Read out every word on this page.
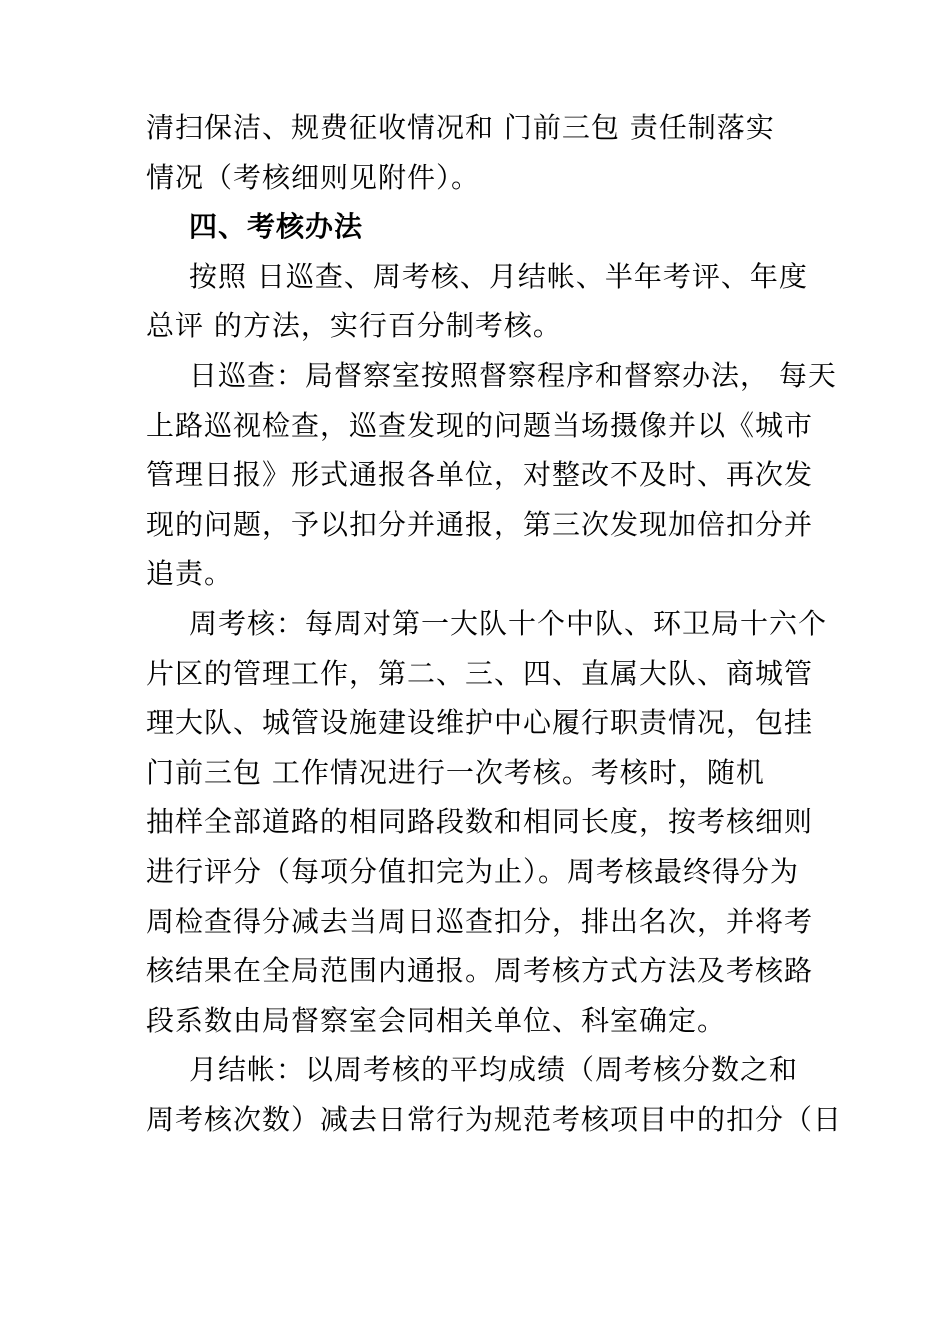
清扫保洁、规费征收情况和 门前三包 责任制落实
情况（考核细则见附件）。
四、考核办法
按照 日巡查、周考核、月结帐、半年考评、年度
总评 的方法，实行百分制考核。
日巡查：局督察室按照督察程序和督察办法， 每天
上路巡视检查，巡查发现的问题当场摄像并以《城市
管理日报》形式通报各单位，对整改不及时、再次发
现的问题，予以扣分并通报，第三次发现加倍扣分并
追责。
周考核：每周对第一大队十个中队、环卫局十六个
片区的管理工作，第二、三、四、直属大队、商城管
理大队、城管设施建设维护中心履行职责情况，包挂
门前三包 工作情况进行一次考核。考核时，随机
抽样全部道路的相同路段数和相同长度，按考核细则
进行评分（每项分值扣完为止）。周考核最终得分为
周检查得分减去当周日巡查扣分，排出名次，并将考
核结果在全局范围内通报。周考核方式方法及考核路
段系数由局督察室会同相关单位、科室确定。
月结帐：以周考核的平均成绩（周考核分数之和
周考核次数）减去日常行为规范考核项目中的扣分（日
